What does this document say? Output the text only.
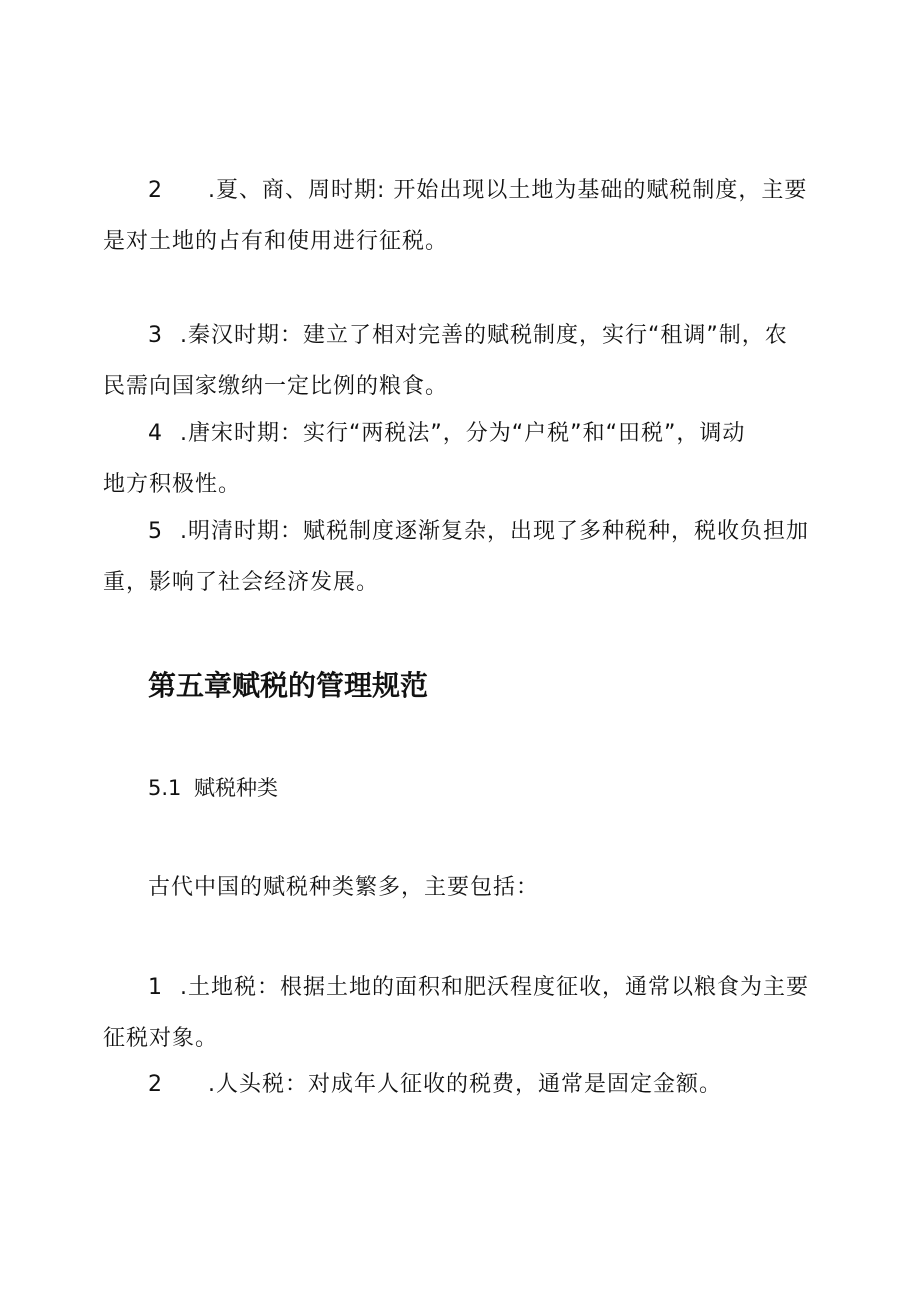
2 .夏、商、周时期: 开始出现以土地为基础的赋税制度，主要
是对土地的占有和使用进行征税。

3 .秦汉时期：建立了相对完善的赋税制度，实行“租调”制，农
民需向国家缴纳一定比例的粮食。

4 .唐宋时期：实行“两税法”，分为“户税”和“田税”，调动
地方积极性。

5 .明清时期：赋税制度逐渐复杂，出现了多种税种，税收负担加
重，影响了社会经济发展。

第五章赋税的管理规范
5.1 赋税种类

古代中国的赋税种类繁多，主要包括：

1 .土地税：根据土地的面积和肥沃程度征收，通常以粮食为主要
征税对象。

2 .人头税：对成年人征收的税费，通常是固定金额。
